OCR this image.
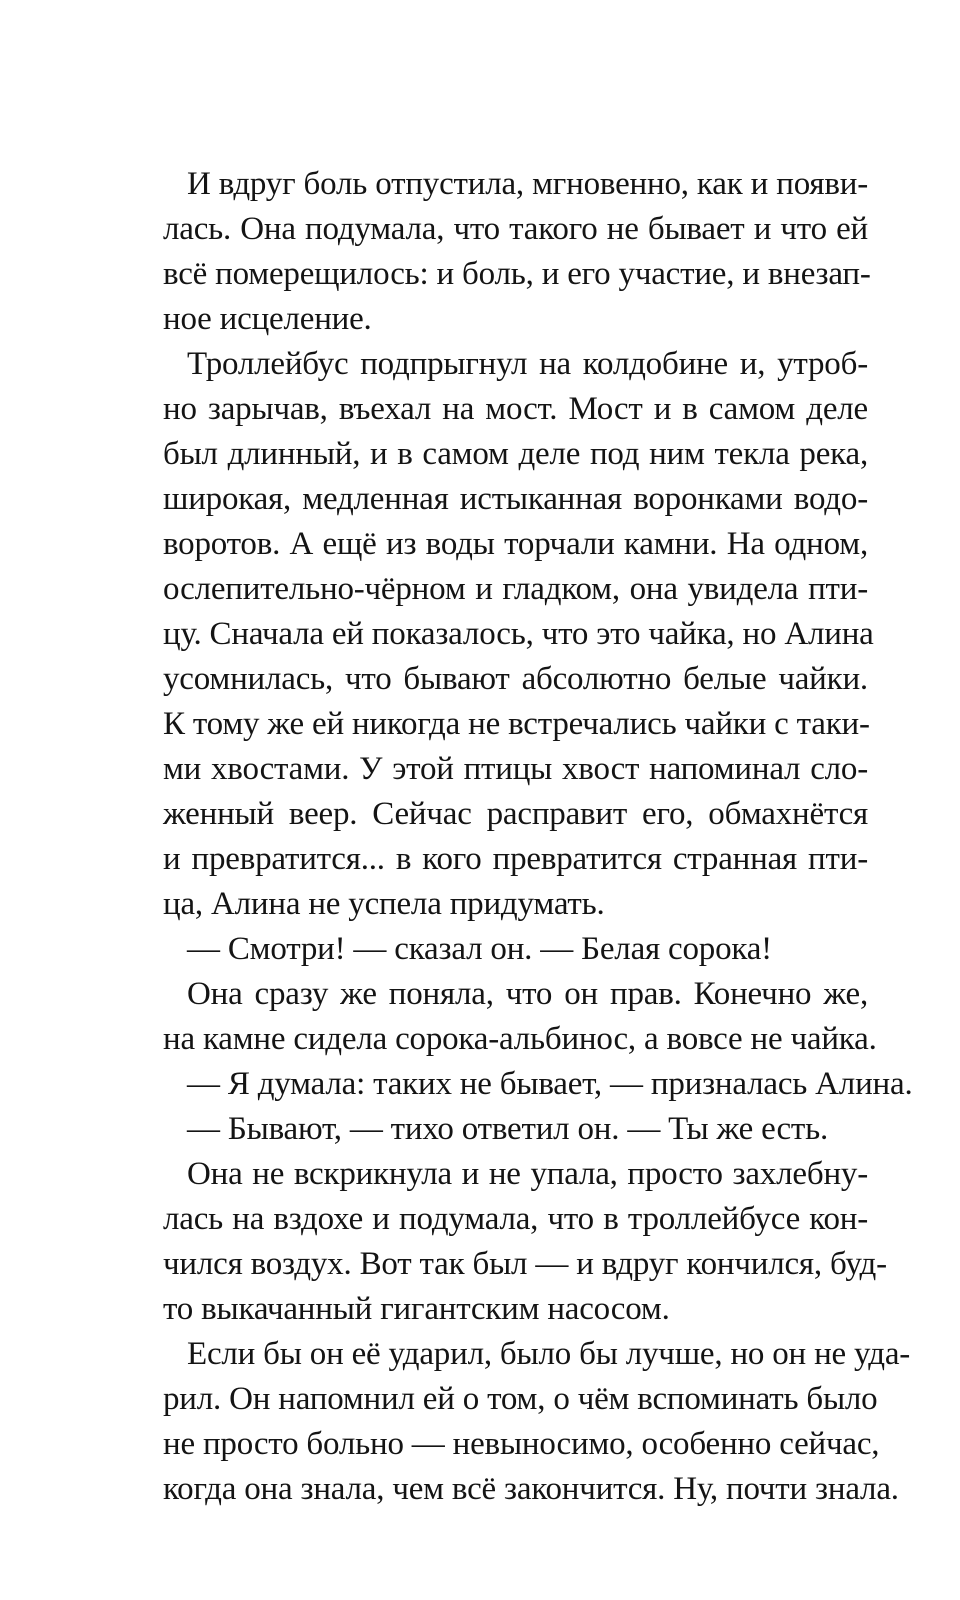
И вдруг боль отпустила, мгновенно, как и появи-
лась. Она подумала, что такого не бывает и что ей
всё померещилось: и боль, и его участие, и внезап-
ное исцеление.
Троллейбус подпрыгнул на колдобине и, утроб-
но зарычав, въехал на мост. Мост и в самом деле
был длинный, и в самом деле под ним текла река,
широкая, медленная истыканная воронками водо-
воротов. А ещё из воды торчали камни. На одном,
ослепительно-чёрном и гладком, она увидела пти-
цу. Сначала ей показалось, что это чайка, но Алина
усомнилась, что бывают абсолютно белые чайки.
К тому же ей никогда не встречались чайки с таки-
ми хвостами. У этой птицы хвост напоминал сло-
женный веер. Сейчас расправит его, обмахнётся
и превратится... в кого превратится странная пти-
ца, Алина не успела придумать.
— Смотри! — сказал он. — Белая сорока!
Она сразу же поняла, что он прав. Конечно же,
на камне сидела сорока-альбинос, а вовсе не чайка.
— Я думала: таких не бывает, — призналась Алина.
— Бывают, — тихо ответил он. — Ты же есть.
Она не вскрикнула и не упала, просто захлебну-
лась на вздохе и подумала, что в троллейбусе кон-
чился воздух. Вот так был — и вдруг кончился, буд-
то выкачанный гигантским насосом.
Если бы он её ударил, было бы лучше, но он не уда-
рил. Он напомнил ей о том, о чём вспоминать было
не просто больно — невыносимо, особенно сейчас,
когда она знала, чем всё закончится. Ну, почти знала.
